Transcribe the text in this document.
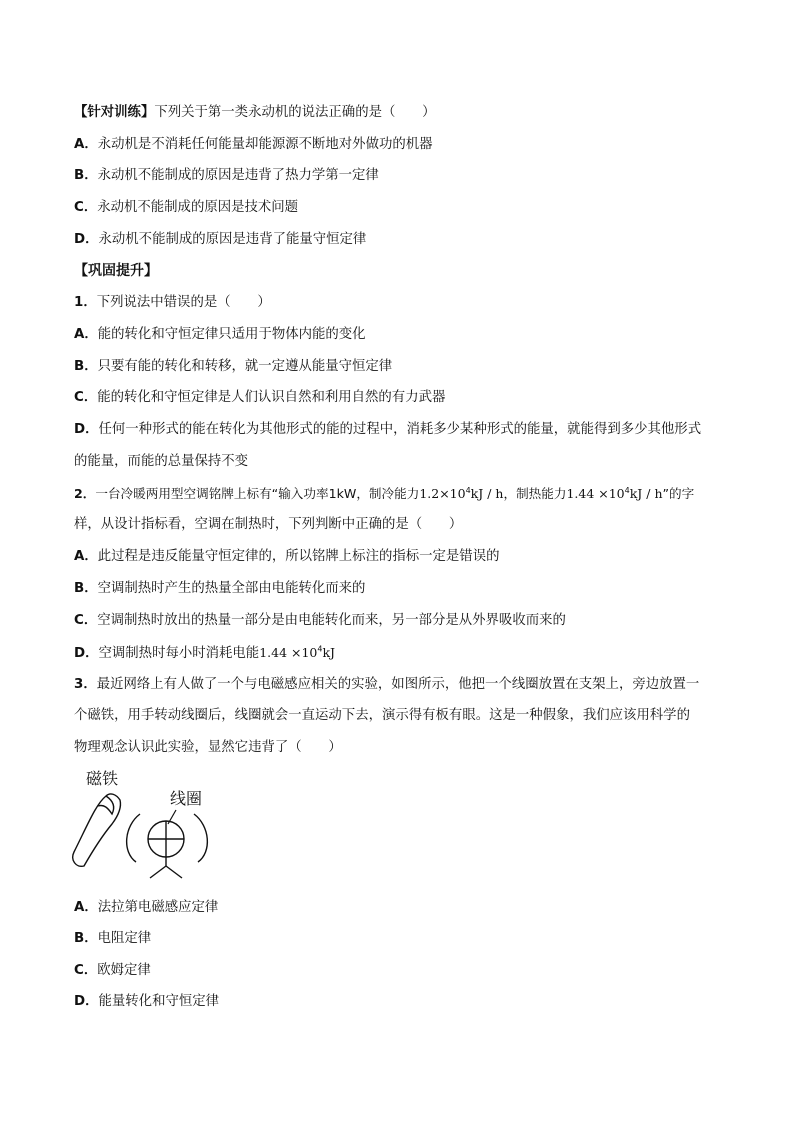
【针对训练】下列关于第一类永动机的说法正确的是（　　）
A．永动机是不消耗任何能量却能源源不断地对外做功的机器
B．永动机不能制成的原因是违背了热力学第一定律
C．永动机不能制成的原因是技术问题
D．永动机不能制成的原因是违背了能量守恒定律
【巩固提升】
1．下列说法中错误的是（　　）
A．能的转化和守恒定律只适用于物体内能的变化
B．只要有能的转化和转移，就一定遵从能量守恒定律
C．能的转化和守恒定律是人们认识自然和利用自然的有力武器
D．任何一种形式的能在转化为其他形式的能的过程中，消耗多少某种形式的能量，就能得到多少其他形式
的能量，而能的总量保持不变
2．一台冷暖两用型空调铭牌上标有“输入功率1kW，制冷能力$1.2\times 10^4kJ / h$，制热能力$1.44 \times 10^4kJ / h$”的字
样，从设计指标看，空调在制热时，下列判断中正确的是（　　）
A．此过程是违反能量守恒定律的，所以铭牌上标注的指标一定是错误的
B．空调制热时产生的热量全部由电能转化而来的
C．空调制热时放出的热量一部分是由电能转化而来，另一部分是从外界吸收而来的
D．空调制热时每小时消耗电能$1.44 \times 10^4kJ$
3．最近网络上有人做了一个与电磁感应相关的实验，如图所示，他把一个线圈放置在支架上，旁边放置一
个磁铁，用手转动线圈后，线圈就会一直运动下去，演示得有板有眼。这是一种假象，我们应该用科学的
物理观念认识此实验，显然它违背了（　　）
磁铁
线圈
A．法拉第电磁感应定律
B．电阻定律
C．欧姆定律
D．能量转化和守恒定律
